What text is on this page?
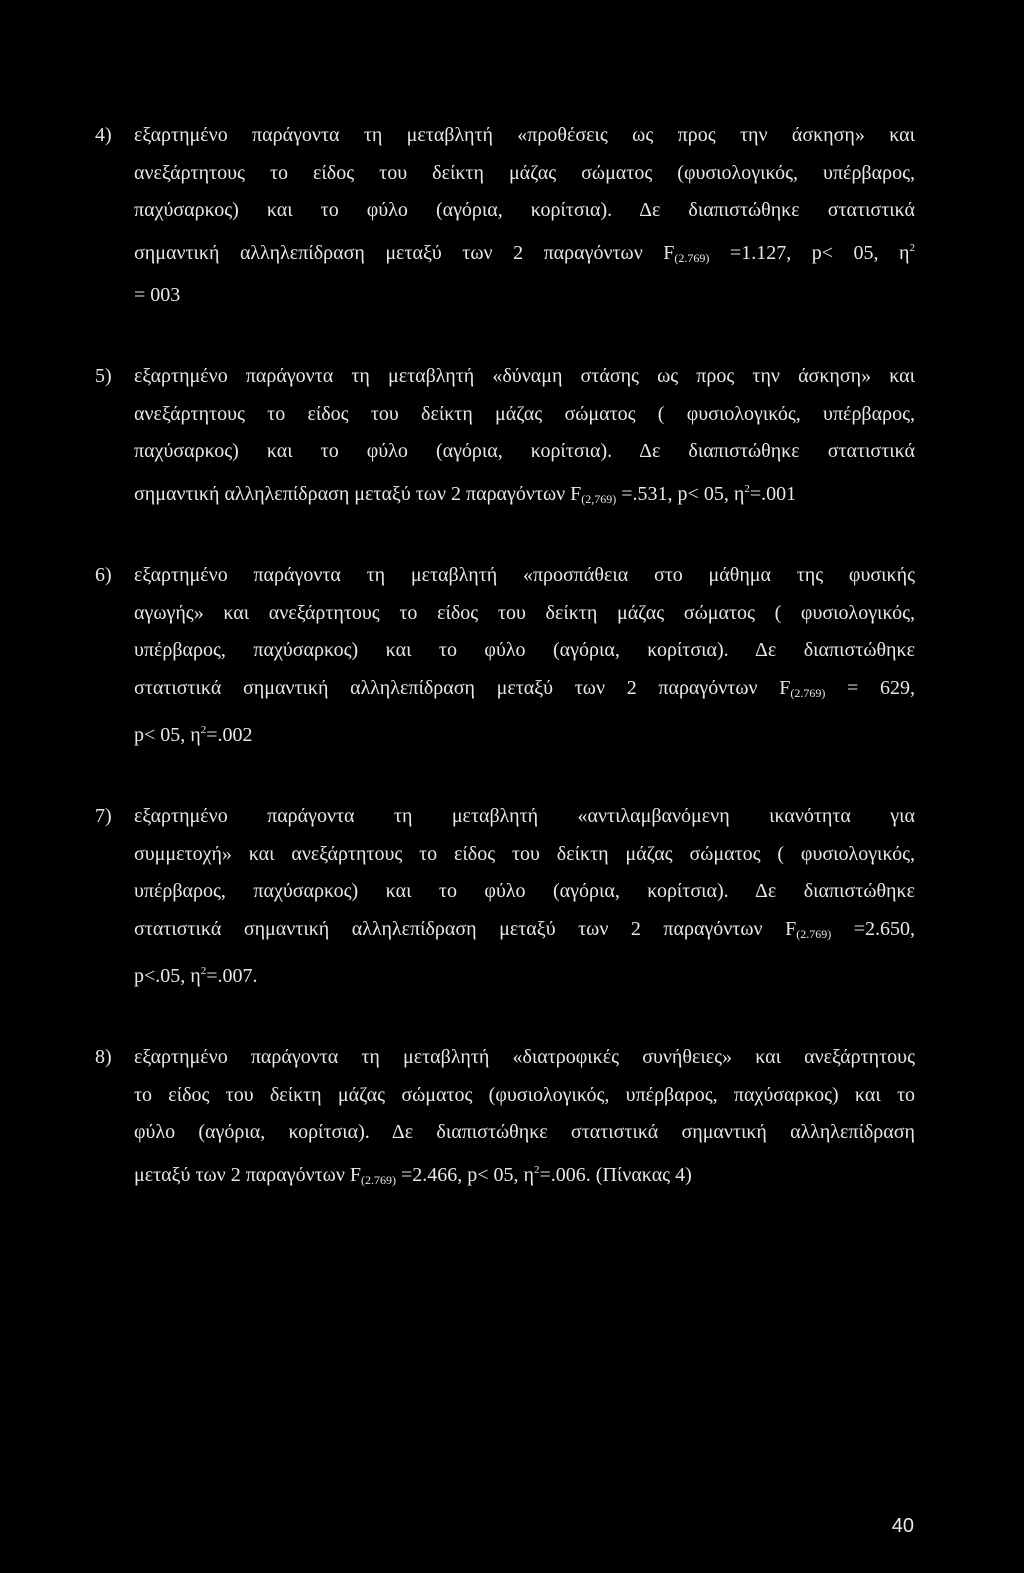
4) εξαρτημένο παράγοντα τη μεταβλητή «προθέσεις ως προς την άσκηση» και
ανεξάρτητους το είδος του δείκτη μάζας σώματος (φυσιολογικός, υπέρβαρος,
παχύσαρκος) και το φύλο (αγόρια, κορίτσια). Δε διαπιστώθηκε στατιστικά
σημαντική αλληλεπίδραση μεταξύ των 2 παραγόντων $F_{(2.769)} =1.127$, p< 05, $\eta^2$
= 003
5) εξαρτημένο παράγοντα τη μεταβλητή «δύναμη στάσης ως προς την άσκηση» και
ανεξάρτητους το είδος του δείκτη μάζας σώματος ( φυσιολογικός, υπέρβαρος,
παχύσαρκος) και το φύλο (αγόρια, κορίτσια). Δε διαπιστώθηκε στατιστικά
σημαντική αλληλεπίδραση μεταξύ των 2 παραγόντων $F_{(2,769)} =.531$, p< 05, $\eta^2=.001$
6) εξαρτημένο παράγοντα τη μεταβλητή «προσπάθεια στο μάθημα της φυσικής
αγωγής» και ανεξάρτητους το είδος του δείκτη μάζας σώματος ( φυσιολογικός,
υπέρβαρος, παχύσαρκος) και το φύλο (αγόρια, κορίτσια). Δε διαπιστώθηκε
στατιστικά σημαντική αλληλεπίδραση μεταξύ των 2 παραγόντων $F_{(2.769)} = 629$,
p< 05, $\eta^2=.002$
7) εξαρτημένο παράγοντα τη μεταβλητή «αντιλαμβανόμενη ικανότητα για
συμμετοχή» και ανεξάρτητους το είδος του δείκτη μάζας σώματος ( φυσιολογικός,
υπέρβαρος, παχύσαρκος) και το φύλο (αγόρια, κορίτσια). Δε διαπιστώθηκε
στατιστικά σημαντική αλληλεπίδραση μεταξύ των 2 παραγόντων $F_{(2.769)} =2.650$,
p<.05, $\eta^2=.007$.
8) εξαρτημένο παράγοντα τη μεταβλητή «διατροφικές συνήθειες» και ανεξάρτητους
το είδος του δείκτη μάζας σώματος (φυσιολογικός, υπέρβαρος, παχύσαρκος) και το
φύλο (αγόρια, κορίτσια). Δε διαπιστώθηκε στατιστικά σημαντική αλληλεπίδραση
μεταξύ των 2 παραγόντων $F_{(2.769)} =2.466$, p< 05, $\eta^2=.006$. (Πίνακας 4)
40
